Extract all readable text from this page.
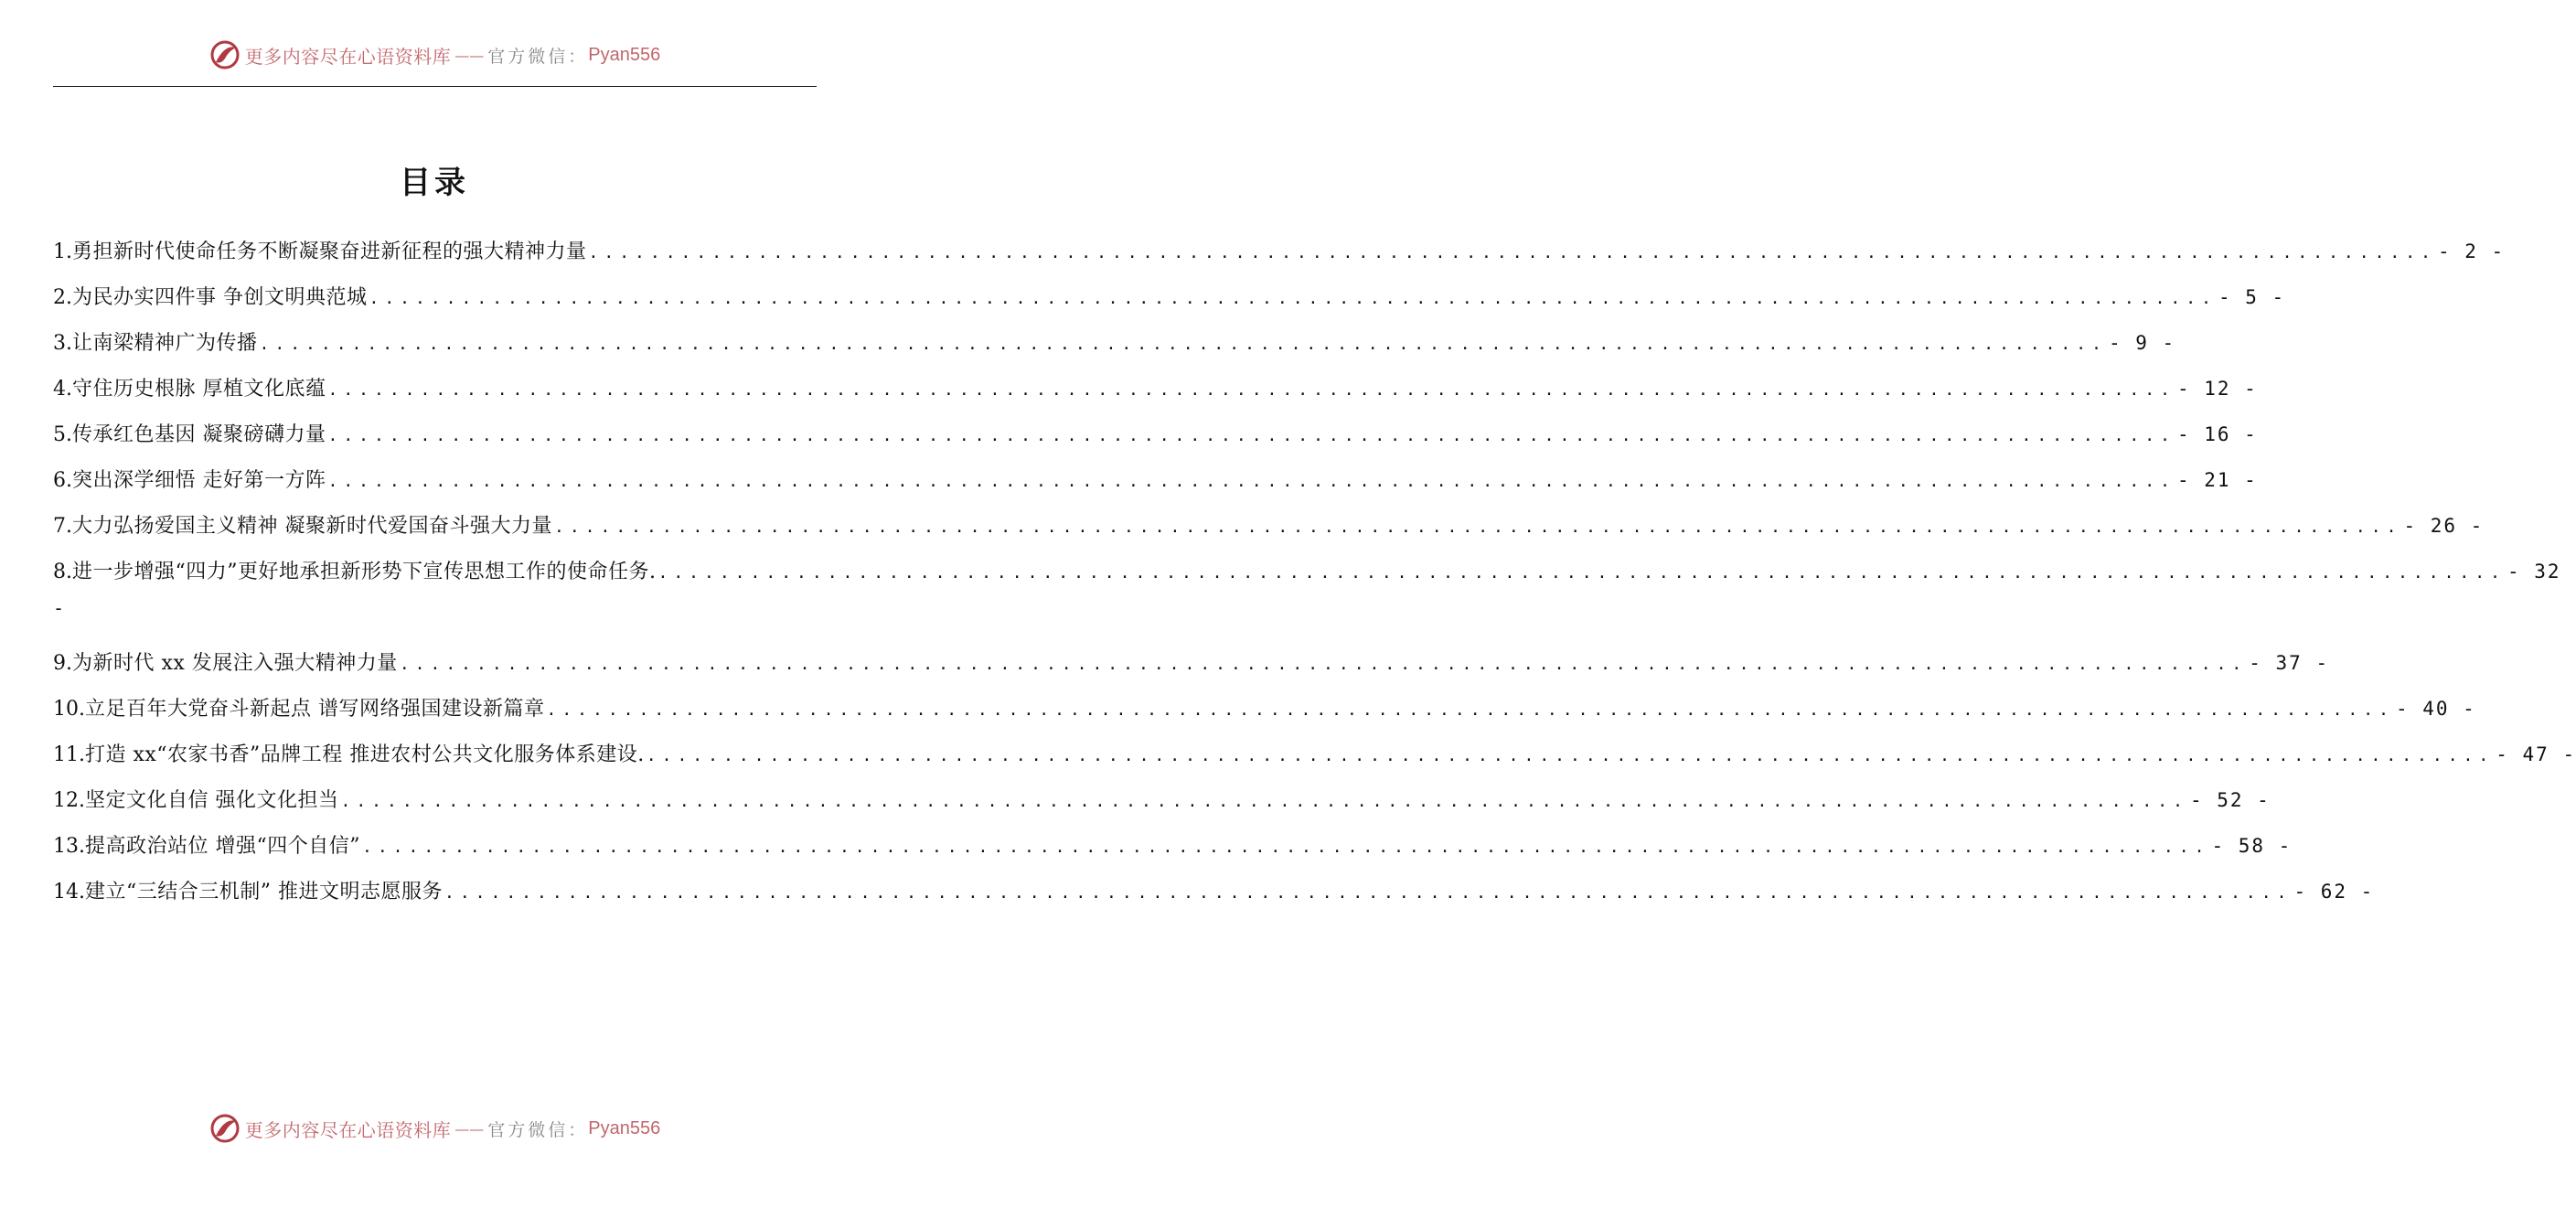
更多内容尽在心语资料库 —— 官方微信： Pyan556
目录
1. 勇担新时代使命任务不断凝聚奋进新征程的强大精神力量 ........................................................................................................................ - 2 -
2. 为民办实四件事 争创文明典范城 ........................................................................................................................ - 5 -
3. 让南梁精神广为传播 ........................................................................................................................ - 9 -
4. 守住历史根脉 厚植文化底蕴 ........................................................................................................................ - 12 -
5. 传承红色基因 凝聚磅礴力量 ........................................................................................................................ - 16 -
6. 突出深学细悟 走好第一方阵 ........................................................................................................................ - 21 -
7. 大力弘扬爱国主义精神 凝聚新时代爱国奋斗强大力量 ........................................................................................................................ - 26 -
8. 进一步增强“四力”更好地承担新形势下宣传思想工作的使命任务. ........................................................................................................................ - 32
-
9. 为新时代 xx 发展注入强大精神力量 ........................................................................................................................ - 37 -
10. 立足百年大党奋斗新起点 谱写网络强国建设新篇章 ........................................................................................................................ - 40 -
11. 打造 xx“农家书香”品牌工程 推进农村公共文化服务体系建设. ........................................................................................................................ - 47 -
12. 坚定文化自信 强化文化担当 ........................................................................................................................ - 52 -
13. 提高政治站位 增强“四个自信” ........................................................................................................................ - 58 -
14. 建立“三结合三机制” 推进文明志愿服务 ........................................................................................................................ - 62 -
更多内容尽在心语资料库 —— 官方微信： Pyan556
